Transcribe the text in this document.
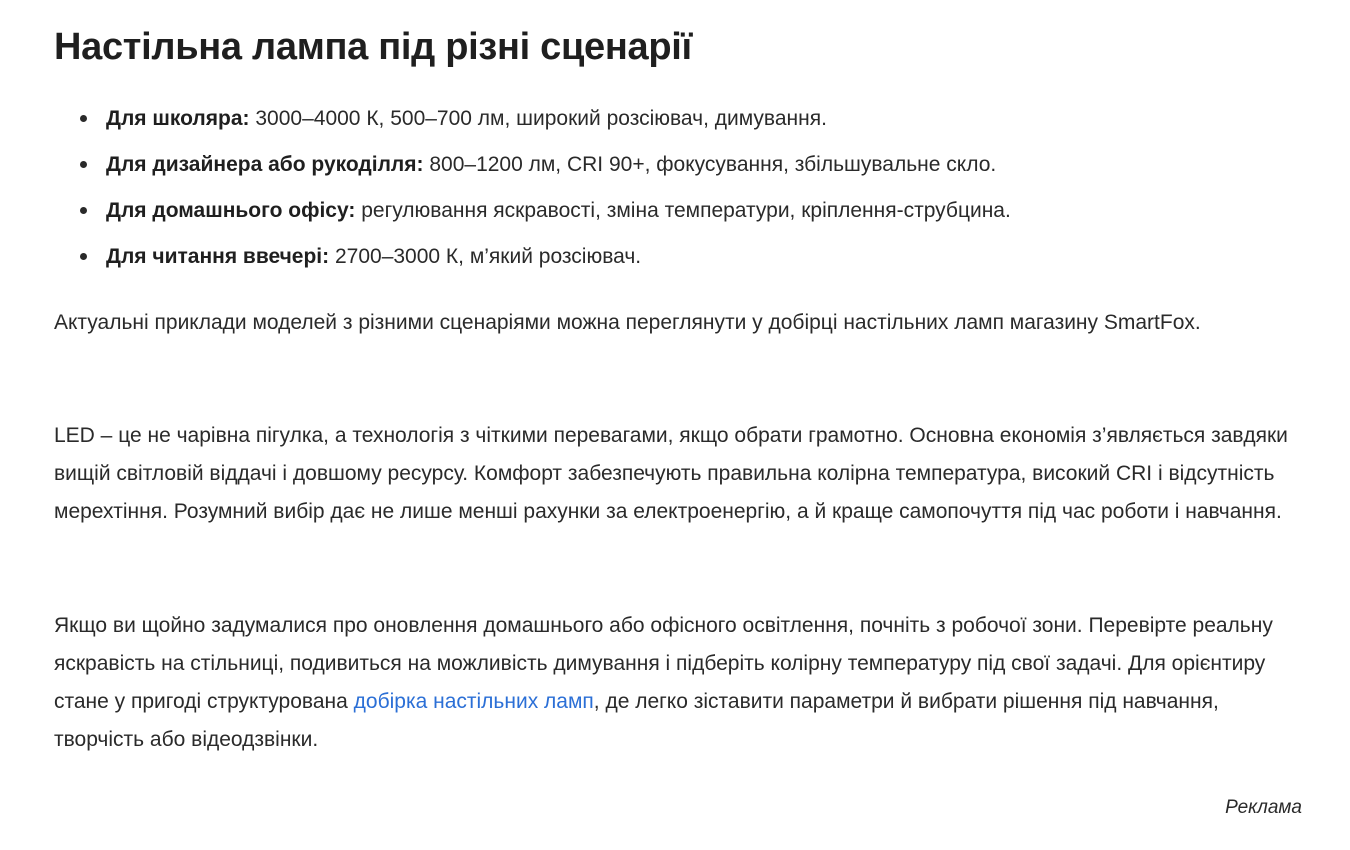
Настільна лампа під різні сценарії
Для школяра: 3000–4000 К, 500–700 лм, широкий розсіювач, димування.
Для дизайнера або рукоділля: 800–1200 лм, CRI 90+, фокусування, збільшувальне скло.
Для домашнього офісу: регулювання яскравості, зміна температури, кріплення-струбцина.
Для читання ввечері: 2700–3000 К, м’який розсіювач.

Актуальні приклади моделей з різними сценаріями можна переглянути у добірці настільних ламп магазину SmartFox.

LED – це не чарівна пігулка, а технологія з чіткими перевагами, якщо обрати грамотно. Основна економія з’являється завдяки вищій світловій віддачі і довшому ресурсу. Комфорт забезпечують правильна колірна температура, високий CRI і відсутність мерехтіння. Розумний вибір дає не лише менші рахунки за електроенергію, а й краще самопочуття під час роботи і навчання.

Якщо ви щойно задумалися про оновлення домашнього або офісного освітлення, почніть з робочої зони. Перевірте реальну яскравість на стільниці, подивиться на можливість димування і підберіть колірну температуру під свої задачі. Для орієнтиру стане у пригоді структурована добірка настільних ламп, де легко зіставити параметри й вибрати рішення під навчання, творчість або відеодзвінки.

Реклама
